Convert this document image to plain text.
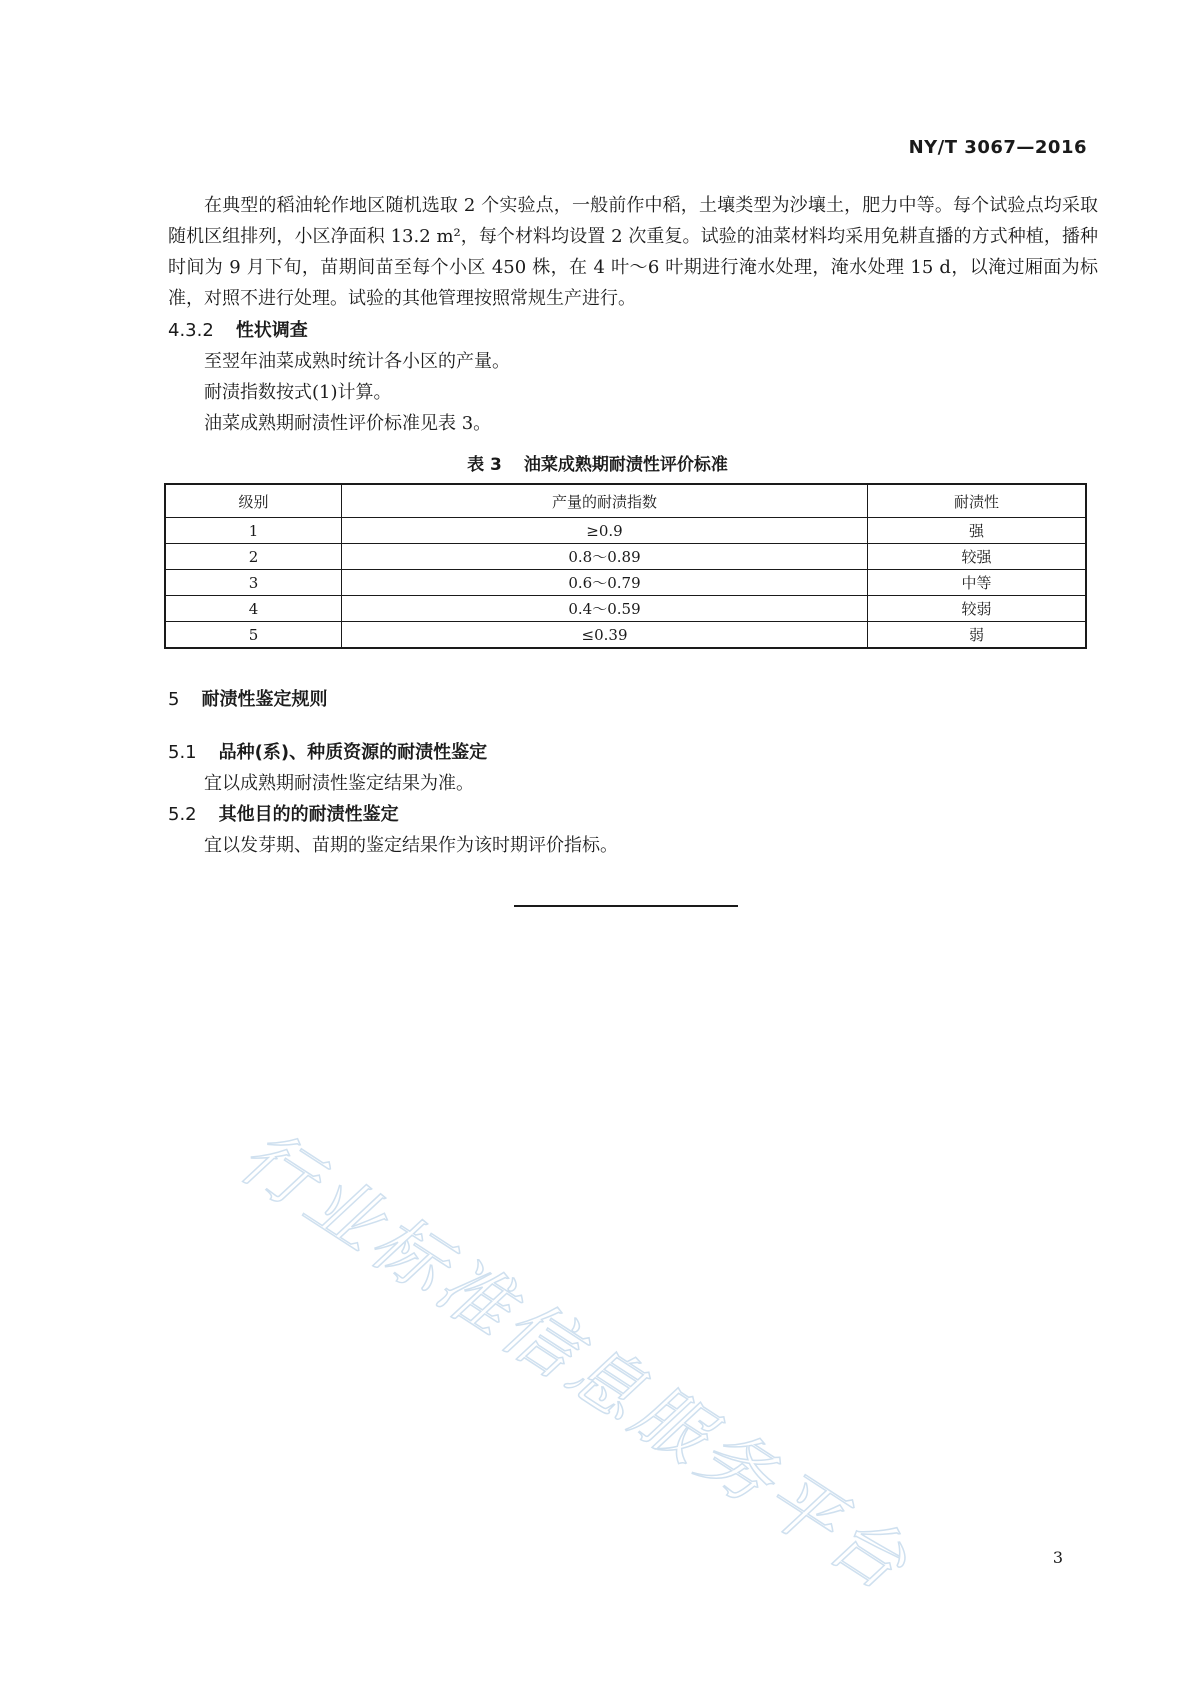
NY/T 3067—2016

在典型的稻油轮作地区随机选取 2 个实验点，一般前作中稻，土壤类型为沙壤土，肥力中等。每个试验点均采取随机区组排列，小区净面积 13.2 m²，每个材料均设置 2 次重复。试验的油菜材料均采用免耕直播的方式种植，播种时间为 9 月下旬，苗期间苗至每个小区 450 株，在 4 叶～6 叶期进行淹水处理，淹水处理 15 d，以淹过厢面为标准，对照不进行处理。试验的其他管理按照常规生产进行。

4.3.2 性状调查
至翌年油菜成熟时统计各小区的产量。
耐渍指数按式(1)计算。
油菜成熟期耐渍性评价标准见表 3。
表 3 油菜成熟期耐渍性评价标准
级别	产量的耐渍指数	耐渍性
1	≥0.9	强
2	0.8～0.89	较强
3	0.6～0.79	中等
4	0.4～0.59	较弱
5	≤0.39	弱
5 耐渍性鉴定规则
5.1 品种(系)、种质资源的耐渍性鉴定
宜以成熟期耐渍性鉴定结果为准。
5.2 其他目的的耐渍性鉴定
宜以发芽期、苗期的鉴定结果作为该时期评价指标。
行业标准信息服务平台	3
